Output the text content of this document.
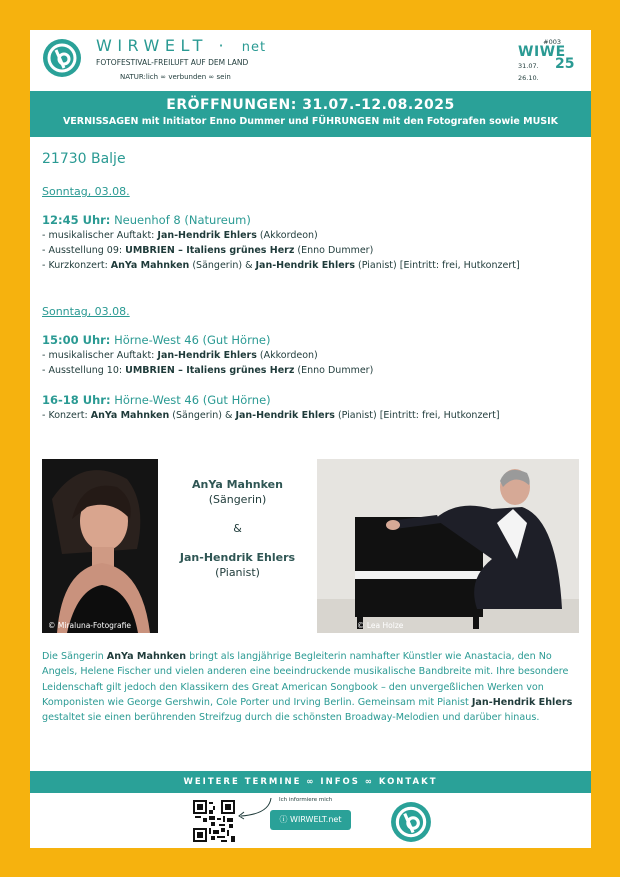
WIRWELT · net
FOTOFESTIVAL-FREILUFT AUF DEM LAND
NATUR:lich ∞ verbunden ∞ sein
#003
WIWE
25
31.07.
26.10.
ERÖFFNUNGEN: 31.07.-12.08.2025
VERNISSAGEN mit Initiator Enno Dummer und FÜHRUNGEN mit den Fotografen sowie MUSIK
21730 Balje
Sonntag, 03.08.
12:45 Uhr: Neuenhof 8 (Natureum)
- musikalischer Auftakt: Jan-Hendrik Ehlers (Akkordeon)
- Ausstellung 09: UMBRIEN – Italiens grünes Herz (Enno Dummer)
- Kurzkonzert: AnYa Mahnken (Sängerin) & Jan-Hendrik Ehlers (Pianist) [Eintritt: frei, Hutkonzert]
Sonntag, 03.08.
15:00 Uhr: Hörne-West 46 (Gut Hörne)
- musikalischer Auftakt: Jan-Hendrik Ehlers (Akkordeon)
- Ausstellung 10: UMBRIEN – Italiens grünes Herz (Enno Dummer)
16-18 Uhr: Hörne-West 46 (Gut Hörne)
- Konzert: AnYa Mahnken (Sängerin) & Jan-Hendrik Ehlers (Pianist) [Eintritt: frei, Hutkonzert]
© Miraluna-Fotografie
AnYa Mahnken
(Sängerin)
&
Jan-Hendrik Ehlers
(Pianist)
© Lea Holze
Die Sängerin AnYa Mahnken bringt als langjährige Begleiterin namhafter Künstler wie Anastacia, den No Angels, Helene Fischer und vielen anderen eine beeindruckende musikalische Bandbreite mit. Ihre besondere Leidenschaft gilt jedoch den Klassikern des Great American Songbook – den unvergeßlichen Werken von Komponisten wie George Gershwin, Cole Porter und Irving Berlin. Gemeinsam mit Pianist Jan-Hendrik Ehlers gestaltet sie einen berührenden Streifzug durch die schönsten Broadway-Melodien und darüber hinaus.
WEITERE TERMINE ∞ INFOS ∞ KONTAKT
Ich informiere mich
ⓘ WIRWELT.net
